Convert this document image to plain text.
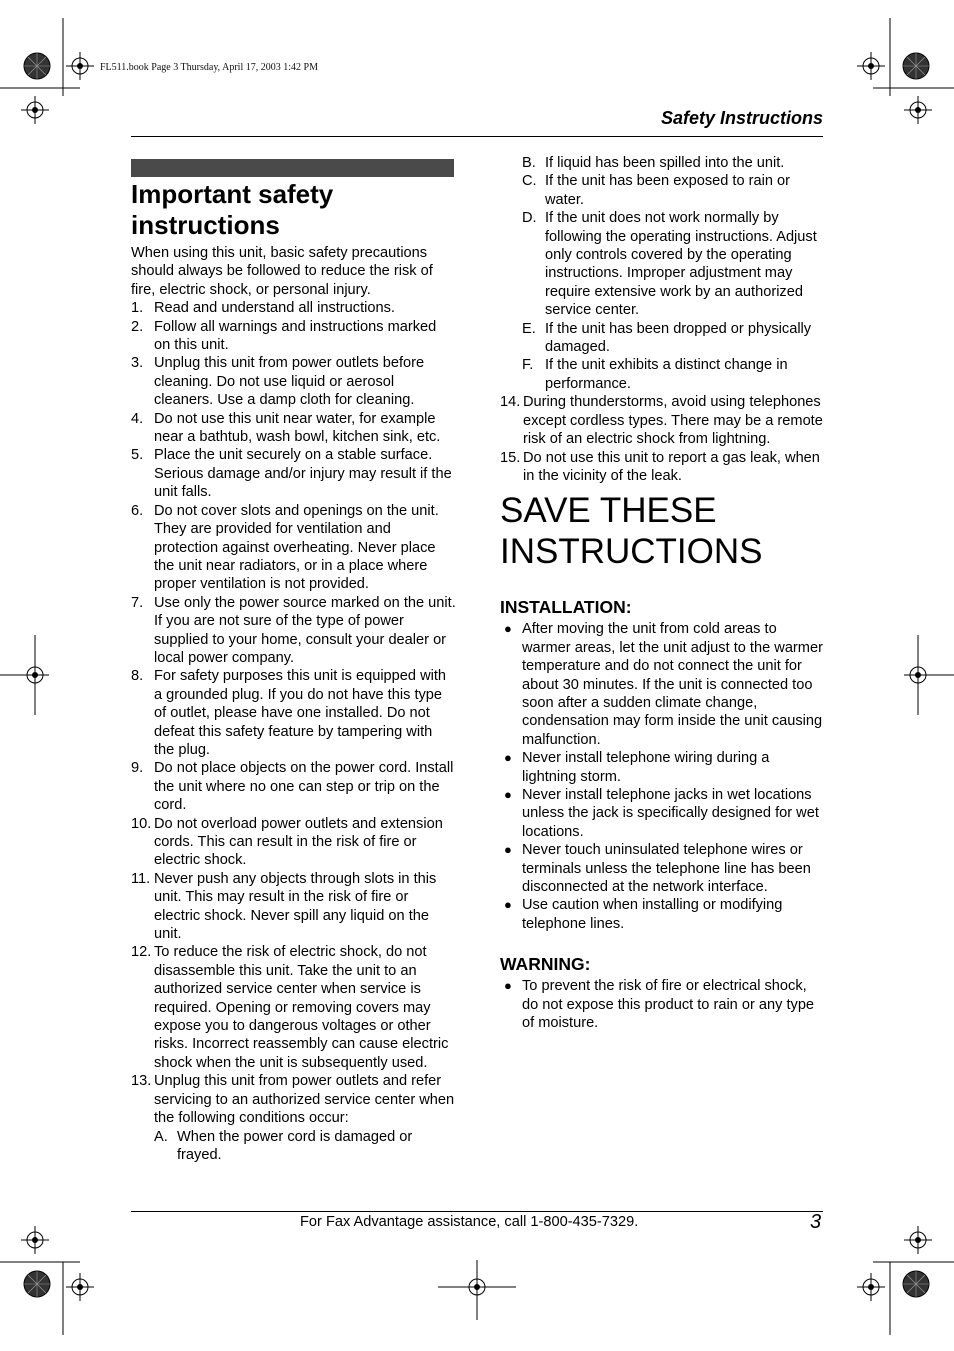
FL511.book Page 3 Thursday, April 17, 2003 1:42 PM
Safety Instructions
Important safety instructions

When using this unit, basic safety precautions should always be followed to reduce the risk of fire, electric shock, or personal injury.

1. Read and understand all instructions.
2. Follow all warnings and instructions marked on this unit.
3. Unplug this unit from power outlets before cleaning. Do not use liquid or aerosol cleaners. Use a damp cloth for cleaning.
4. Do not use this unit near water, for example near a bathtub, wash bowl, kitchen sink, etc.
5. Place the unit securely on a stable surface. Serious damage and/or injury may result if the unit falls.
6. Do not cover slots and openings on the unit. They are provided for ventilation and protection against overheating. Never place the unit near radiators, or in a place where proper ventilation is not provided.
7. Use only the power source marked on the unit. If you are not sure of the type of power supplied to your home, consult your dealer or local power company.
8. For safety purposes this unit is equipped with a grounded plug. If you do not have this type of outlet, please have one installed. Do not defeat this safety feature by tampering with the plug.
9. Do not place objects on the power cord. Install the unit where no one can step or trip on the cord.
10. Do not overload power outlets and extension cords. This can result in the risk of fire or electric shock.
11. Never push any objects through slots in this unit. This may result in the risk of fire or electric shock. Never spill any liquid on the unit.
12. To reduce the risk of electric shock, do not disassemble this unit. Take the unit to an authorized service center when service is required. Opening or removing covers may expose you to dangerous voltages or other risks. Incorrect reassembly can cause electric shock when the unit is subsequently used.
13. Unplug this unit from power outlets and refer servicing to an authorized service center when the following conditions occur:
A. When the power cord is damaged or frayed.
B. If liquid has been spilled into the unit.
C. If the unit has been exposed to rain or water.
D. If the unit does not work normally by following the operating instructions. Adjust only controls covered by the operating instructions. Improper adjustment may require extensive work by an authorized service center.
E. If the unit has been dropped or physically damaged.
F. If the unit exhibits a distinct change in performance.
14. During thunderstorms, avoid using telephones except cordless types. There may be a remote risk of an electric shock from lightning.
15. Do not use this unit to report a gas leak, when in the vicinity of the leak.

SAVE THESE
INSTRUCTIONS

INSTALLATION:

● After moving the unit from cold areas to warmer areas, let the unit adjust to the warmer temperature and do not connect the unit for about 30 minutes. If the unit is connected too soon after a sudden climate change, condensation may form inside the unit causing malfunction.
● Never install telephone wiring during a lightning storm.
● Never install telephone jacks in wet locations unless the jack is specifically designed for wet locations.
● Never touch uninsulated telephone wires or terminals unless the telephone line has been disconnected at the network interface.
● Use caution when installing or modifying telephone lines.

WARNING:

● To prevent the risk of fire or electrical shock, do not expose this product to rain or any type of moisture.
For Fax Advantage assistance, call 1-800-435-7329.	3
